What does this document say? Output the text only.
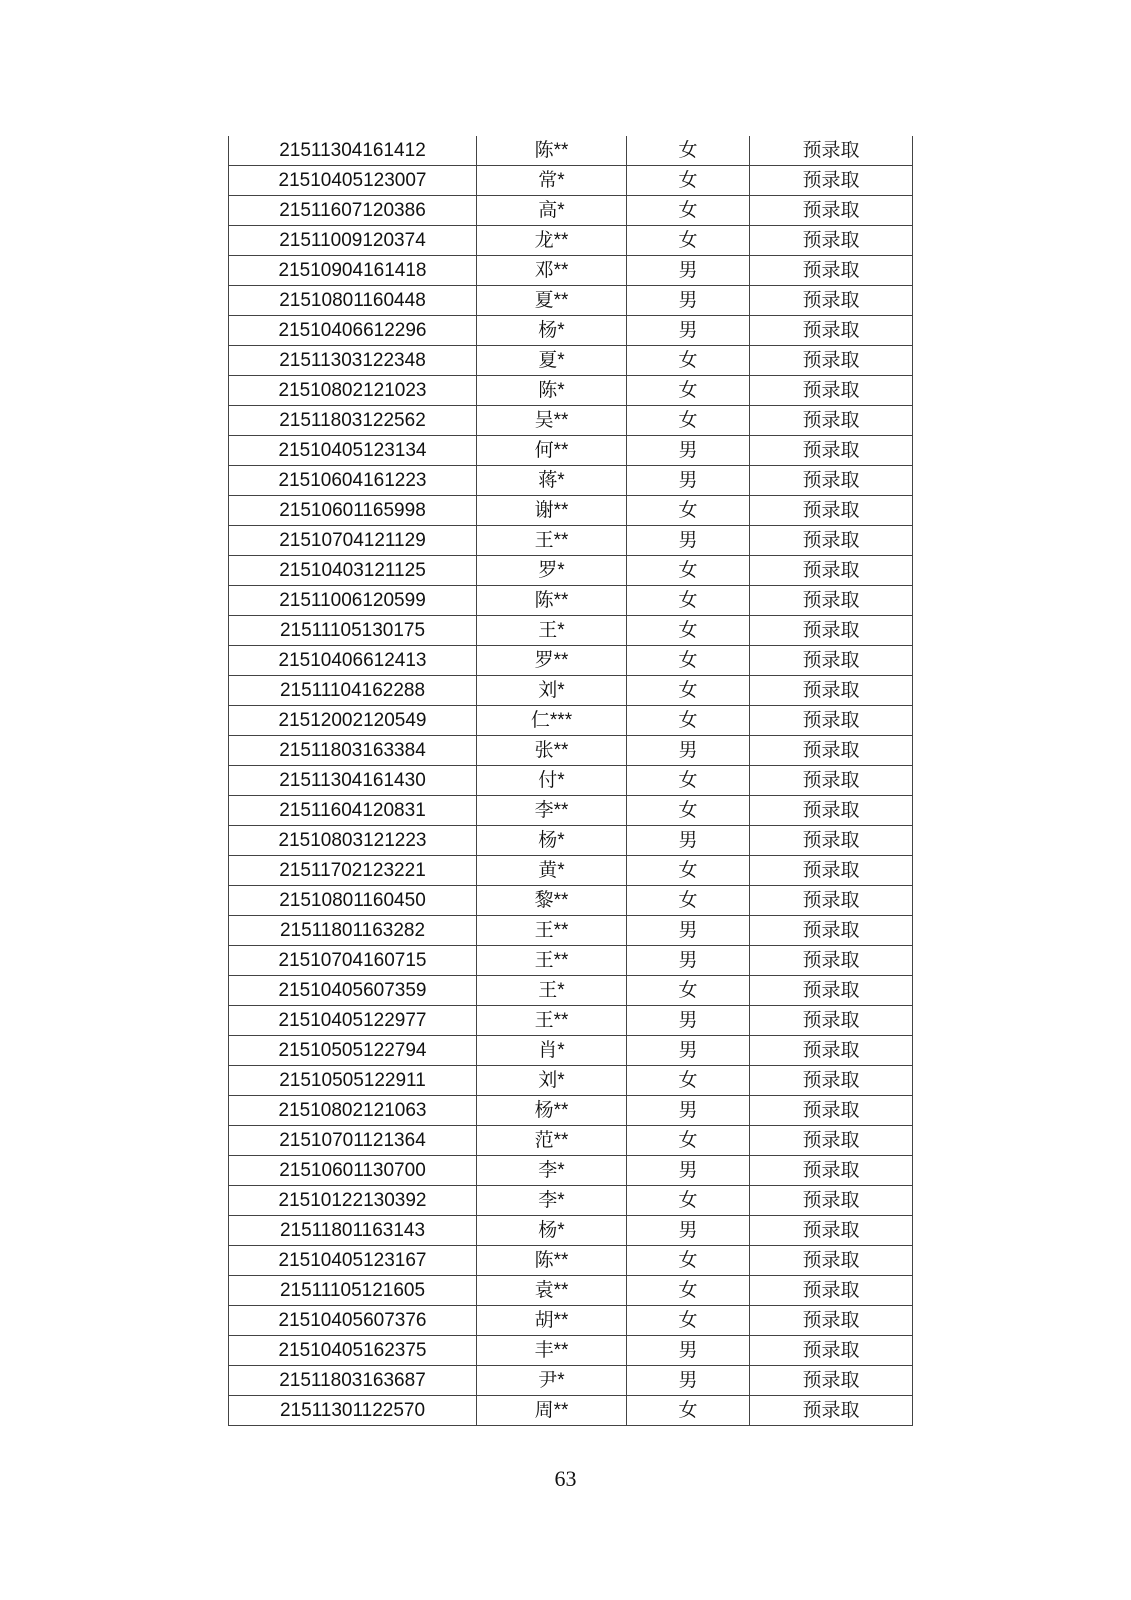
21511304161412	陈**	女	预录取
21510405123007	常*	女	预录取
21511607120386	高*	女	预录取
21511009120374	龙**	女	预录取
21510904161418	邓**	男	预录取
21510801160448	夏**	男	预录取
21510406612296	杨*	男	预录取
21511303122348	夏*	女	预录取
21510802121023	陈*	女	预录取
21511803122562	吴**	女	预录取
21510405123134	何**	男	预录取
21510604161223	蒋*	男	预录取
21510601165998	谢**	女	预录取
21510704121129	王**	男	预录取
21510403121125	罗*	女	预录取
21511006120599	陈**	女	预录取
21511105130175	王*	女	预录取
21510406612413	罗**	女	预录取
21511104162288	刘*	女	预录取
21512002120549	仁***	女	预录取
21511803163384	张**	男	预录取
21511304161430	付*	女	预录取
21511604120831	李**	女	预录取
21510803121223	杨*	男	预录取
21511702123221	黄*	女	预录取
21510801160450	黎**	女	预录取
21511801163282	王**	男	预录取
21510704160715	王**	男	预录取
21510405607359	王*	女	预录取
21510405122977	王**	男	预录取
21510505122794	肖*	男	预录取
21510505122911	刘*	女	预录取
21510802121063	杨**	男	预录取
21510701121364	范**	女	预录取
21510601130700	李*	男	预录取
21510122130392	李*	女	预录取
21511801163143	杨*	男	预录取
21510405123167	陈**	女	预录取
21511105121605	袁**	女	预录取
21510405607376	胡**	女	预录取
21510405162375	丰**	男	预录取
21511803163687	尹*	男	预录取
21511301122570	周**	女	预录取
63
